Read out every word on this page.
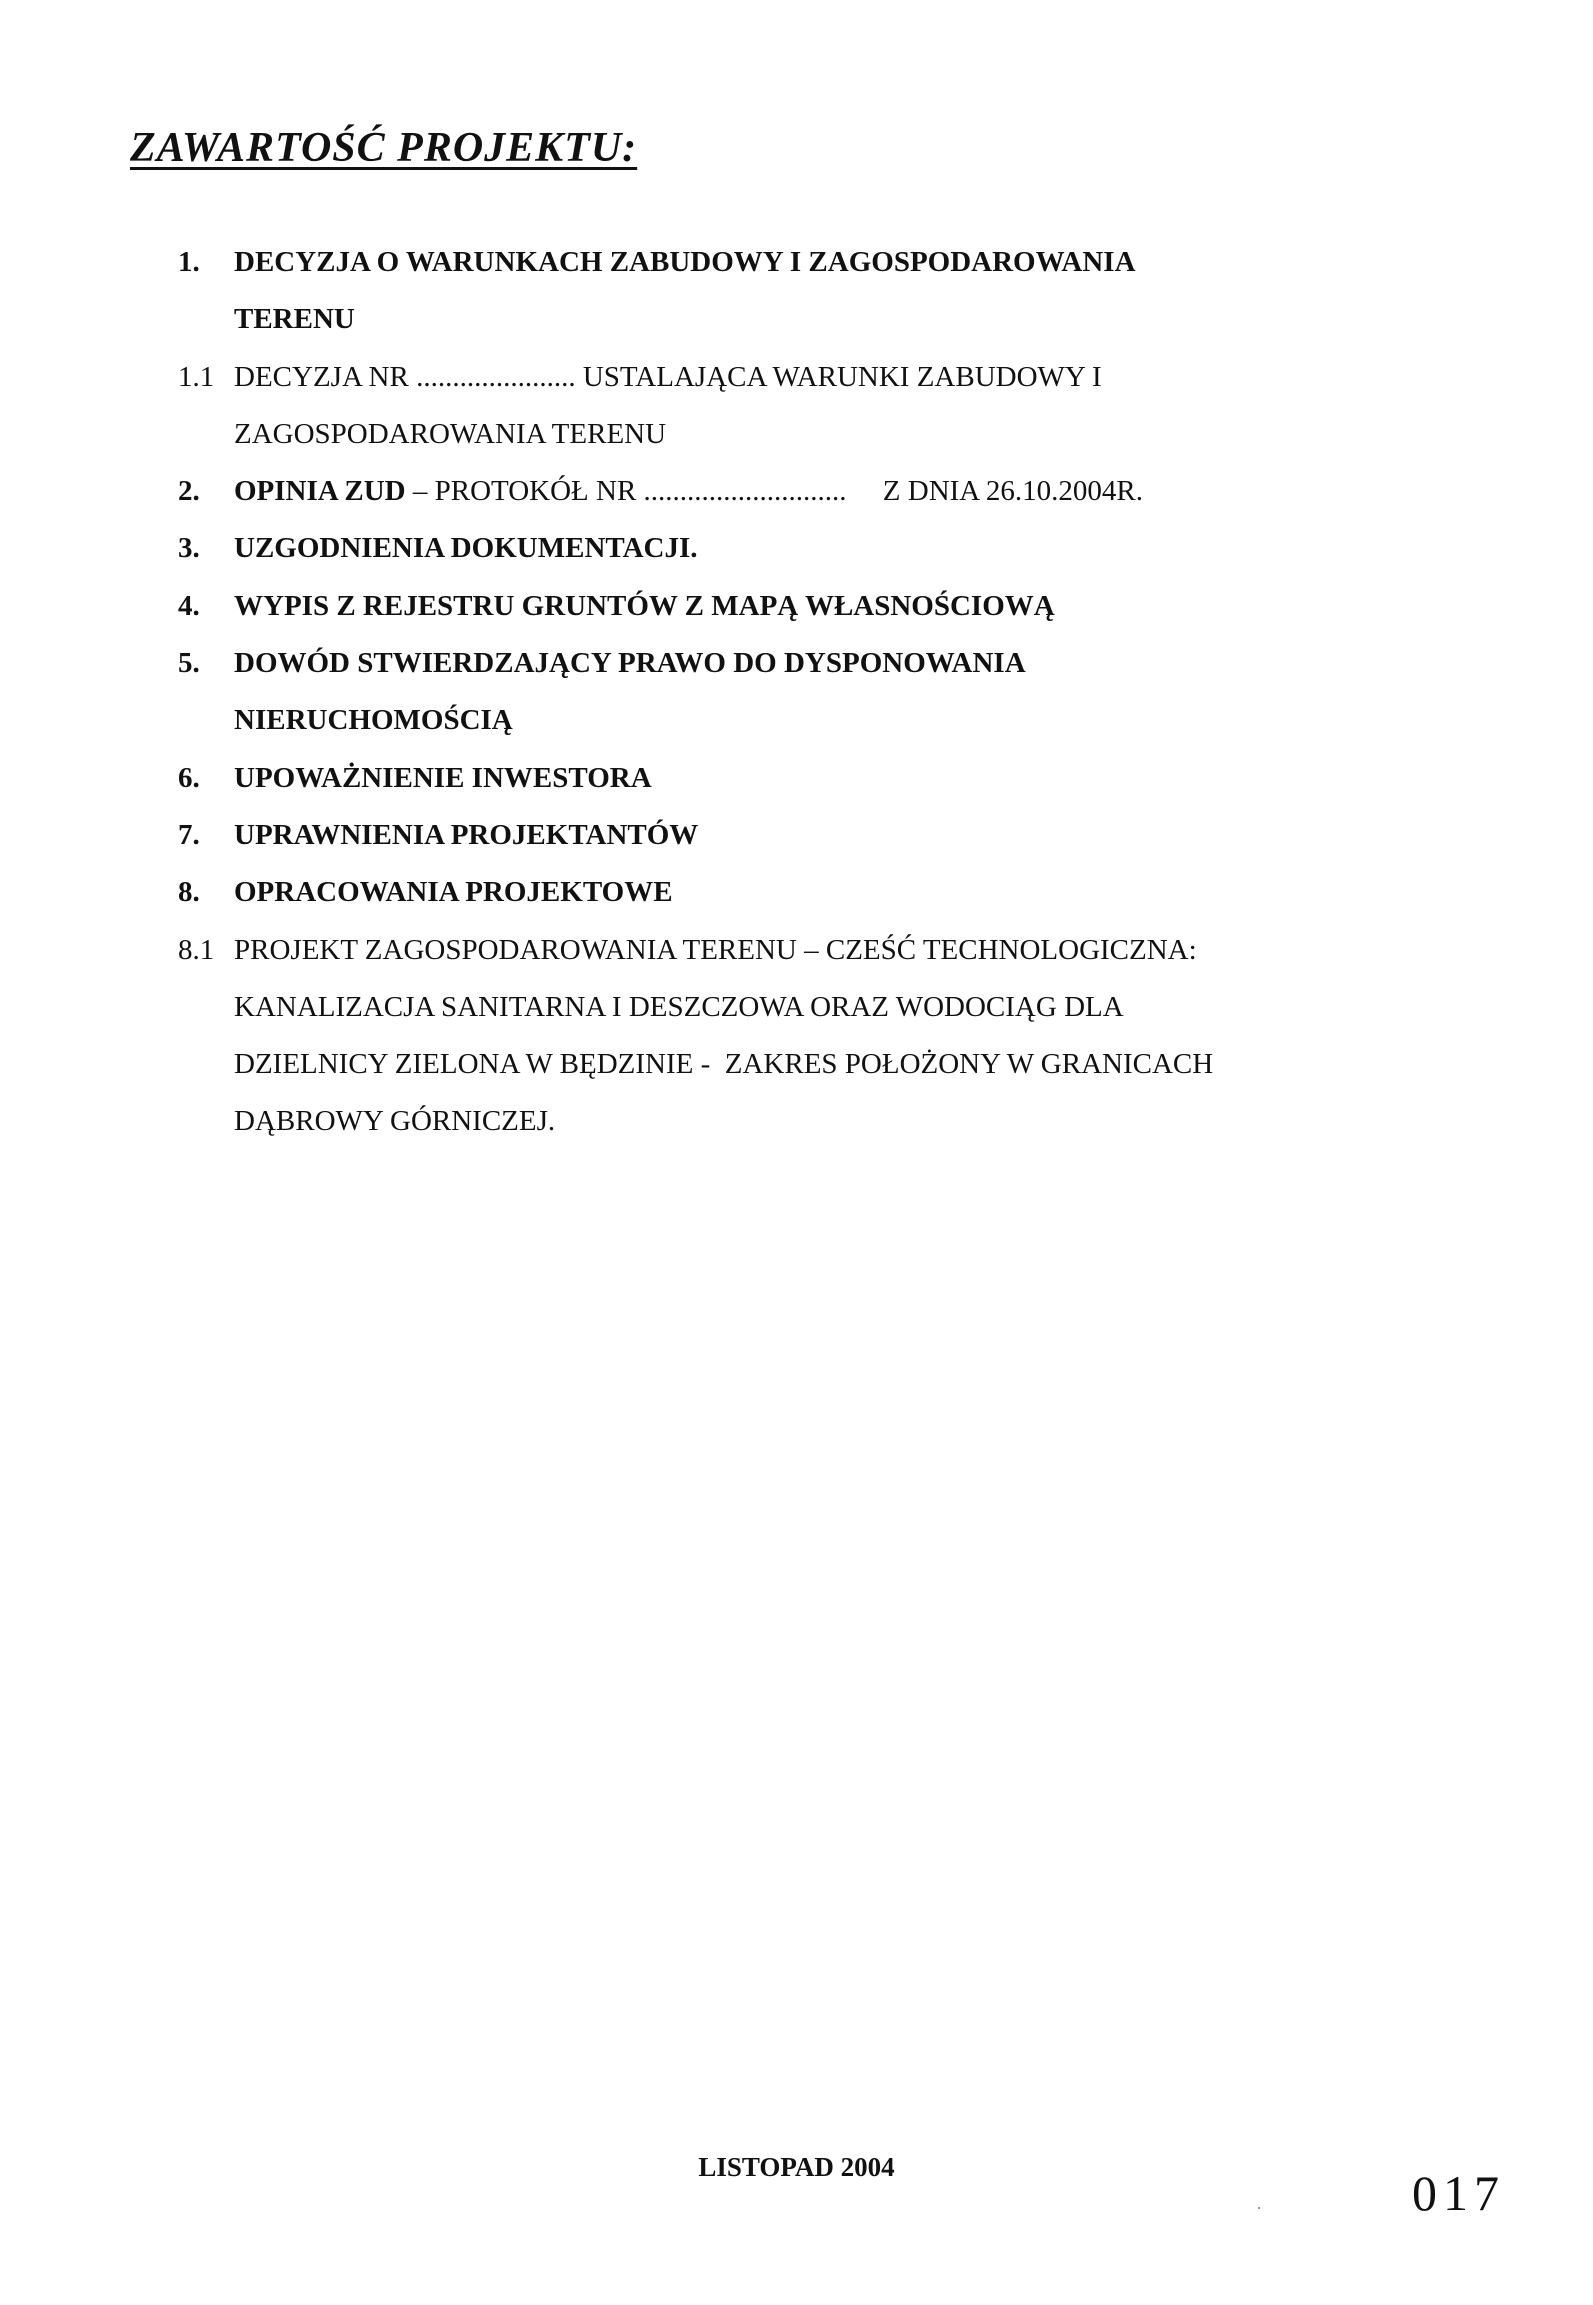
ZAWARTOŚĆ PROJEKTU:
1. DECYZJA O WARUNKACH ZABUDOWY I ZAGOSPODAROWANIA
TERENU
1.1 DECYZJA NR ...................... USTALAJĄCA WARUNKI ZABUDOWY I
ZAGOSPODAROWANIA TERENU
2. OPINIA ZUD – PROTOKÓŁ NR ............................     Z DNIA 26.10.2004R.
3. UZGODNIENIA DOKUMENTACJI.
4. WYPIS Z REJESTRU GRUNTÓW Z MAPĄ WŁASNOŚCIOWĄ
5. DOWÓD STWIERDZAJĄCY PRAWO DO DYSPONOWANIA
NIERUCHOMOŚCIĄ
6. UPOWAŻNIENIE INWESTORA
7. UPRAWNIENIA PROJEKTANTÓW
8. OPRACOWANIA PROJEKTOWE
8.1 PROJEKT ZAGOSPODAROWANIA TERENU – CZEŚĆ TECHNOLOGICZNA:
KANALIZACJA SANITARNA I DESZCZOWA ORAZ WODOCIĄG DLA
DZIELNICY ZIELONA W BĘDZINIE -  ZAKRES POŁOŻONY W GRANICACH
DĄBROWY GÓRNICZEJ.
LISTOPAD 2004	017
